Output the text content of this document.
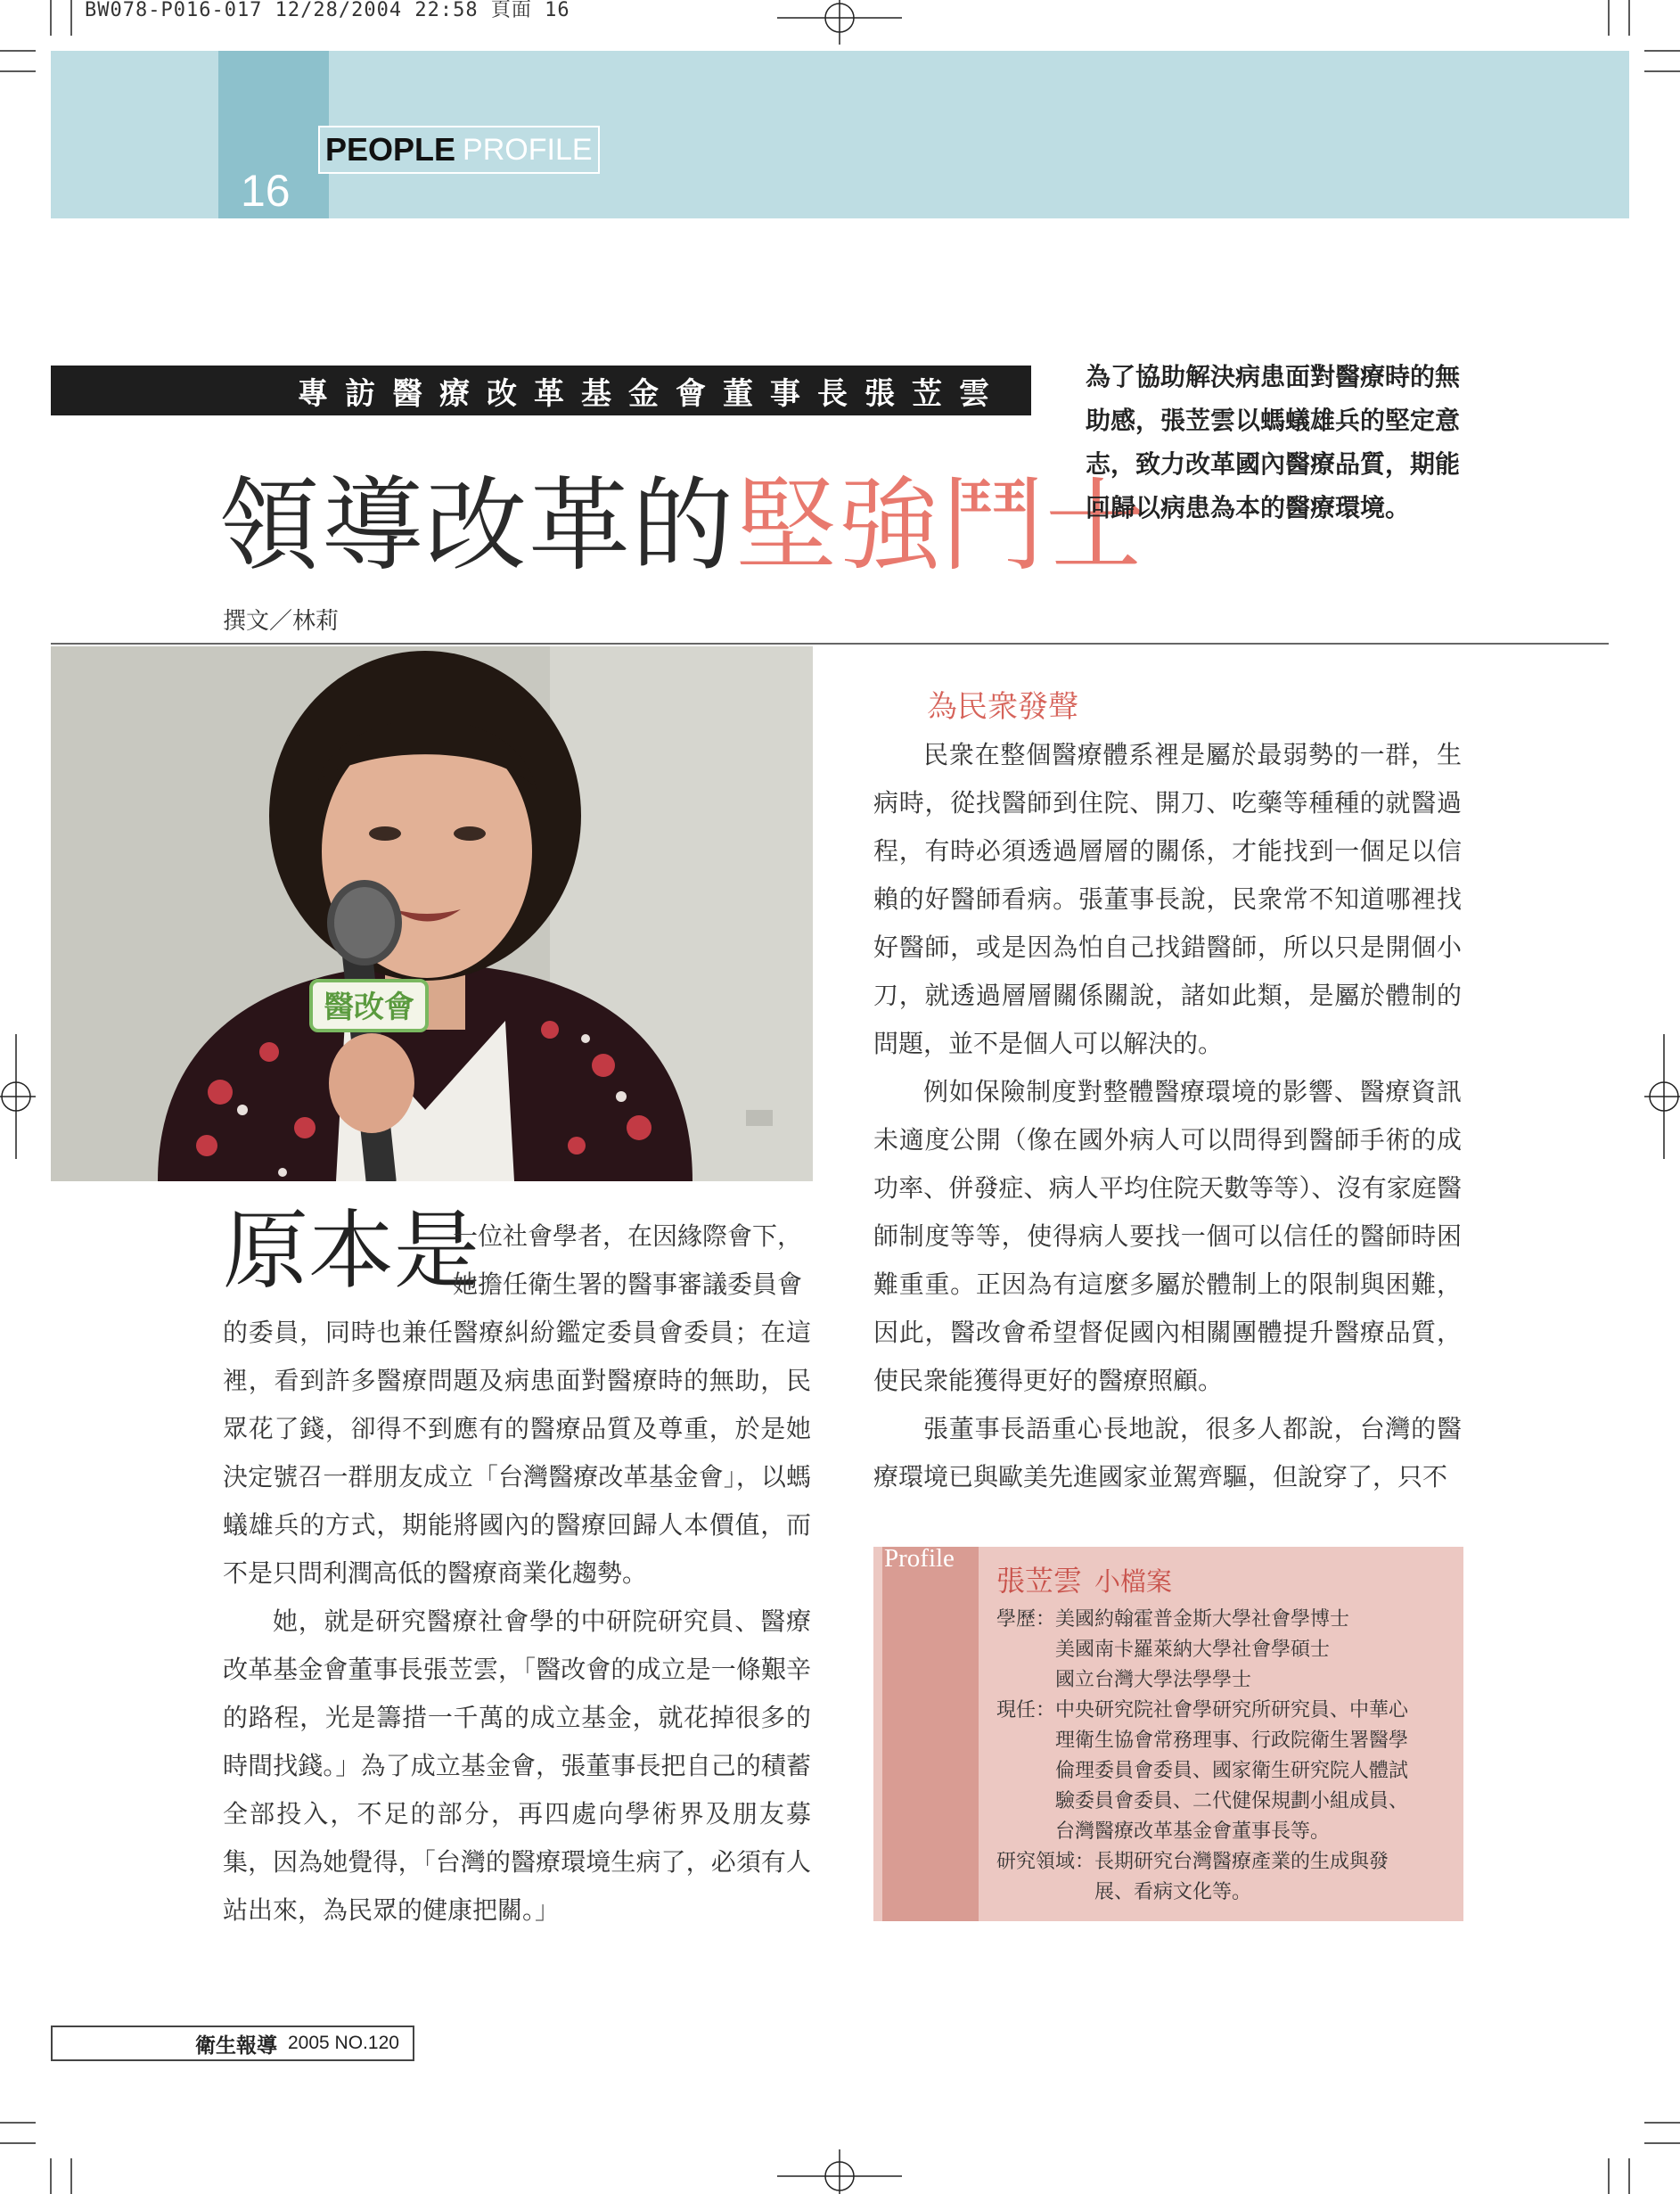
BW078-P016-017 12/28/2004 22:58 頁面 16
16
PEOPLE PROFILE
專訪醫療改革基金會董事長張苙雲
領導改革的堅強鬥士
為了協助解決病患面對醫療時的無助感，張苙雲以螞蟻雄兵的堅定意志，致力改革國內醫療品質，期能回歸以病患為本的醫療環境。
撰文／林莉
醫改會
原本是
一位社會學者，在因緣際會下，
她擔任衛生署的醫事審議委員會
的委員，同時也兼任醫療糾紛鑑定委員會委員；在這裡，看到許多醫療問題及病患面對醫療時的無助，民眾花了錢，卻得不到應有的醫療品質及尊重，於是她決定號召一群朋友成立「台灣醫療改革基金會」，以螞蟻雄兵的方式，期能將國內的醫療回歸人本價值，而不是只問利潤高低的醫療商業化趨勢。
她，就是研究醫療社會學的中研院研究員、醫療改革基金會董事長張苙雲，「醫改會的成立是一條艱辛的路程，光是籌措一千萬的成立基金，就花掉很多的時間找錢。」為了成立基金會，張董事長把自己的積蓄全部投入，不足的部分，再四處向學術界及朋友募集，因為她覺得，「台灣的醫療環境生病了，必須有人站出來，為民眾的健康把關。」
為民衆發聲
民衆在整個醫療體系裡是屬於最弱勢的一群，生病時，從找醫師到住院、開刀、吃藥等種種的就醫過程，有時必須透過層層的關係，才能找到一個足以信賴的好醫師看病。張董事長說，民衆常不知道哪裡找好醫師，或是因為怕自己找錯醫師，所以只是開個小刀，就透過層層關係關說，諸如此類，是屬於體制的問題，並不是個人可以解決的。
例如保險制度對整體醫療環境的影響、醫療資訊未適度公開（像在國外病人可以問得到醫師手術的成功率、併發症、病人平均住院天數等等）、沒有家庭醫師制度等等，使得病人要找一個可以信任的醫師時困難重重。正因為有這麼多屬於體制上的限制與困難，因此，醫改會希望督促國內相關團體提升醫療品質，使民衆能獲得更好的醫療照顧。
張董事長語重心長地說，很多人都說，台灣的醫療環境已與歐美先進國家並駕齊驅，但說穿了，只不
Profile
張苙雲 小檔案
學歷：美國約翰霍普金斯大學社會學博士
美國南卡羅萊納大學社會學碩士
國立台灣大學法學學士
現任：中央研究院社會學研究所研究員、中華心
理衛生協會常務理事、行政院衛生署醫學
倫理委員會委員、國家衛生研究院人體試
驗委員會委員、二代健保規劃小組成員、
台灣醫療改革基金會董事長等。
研究領域：長期研究台灣醫療產業的生成與發
展、看病文化等。
衛生報導 2005 NO.120
